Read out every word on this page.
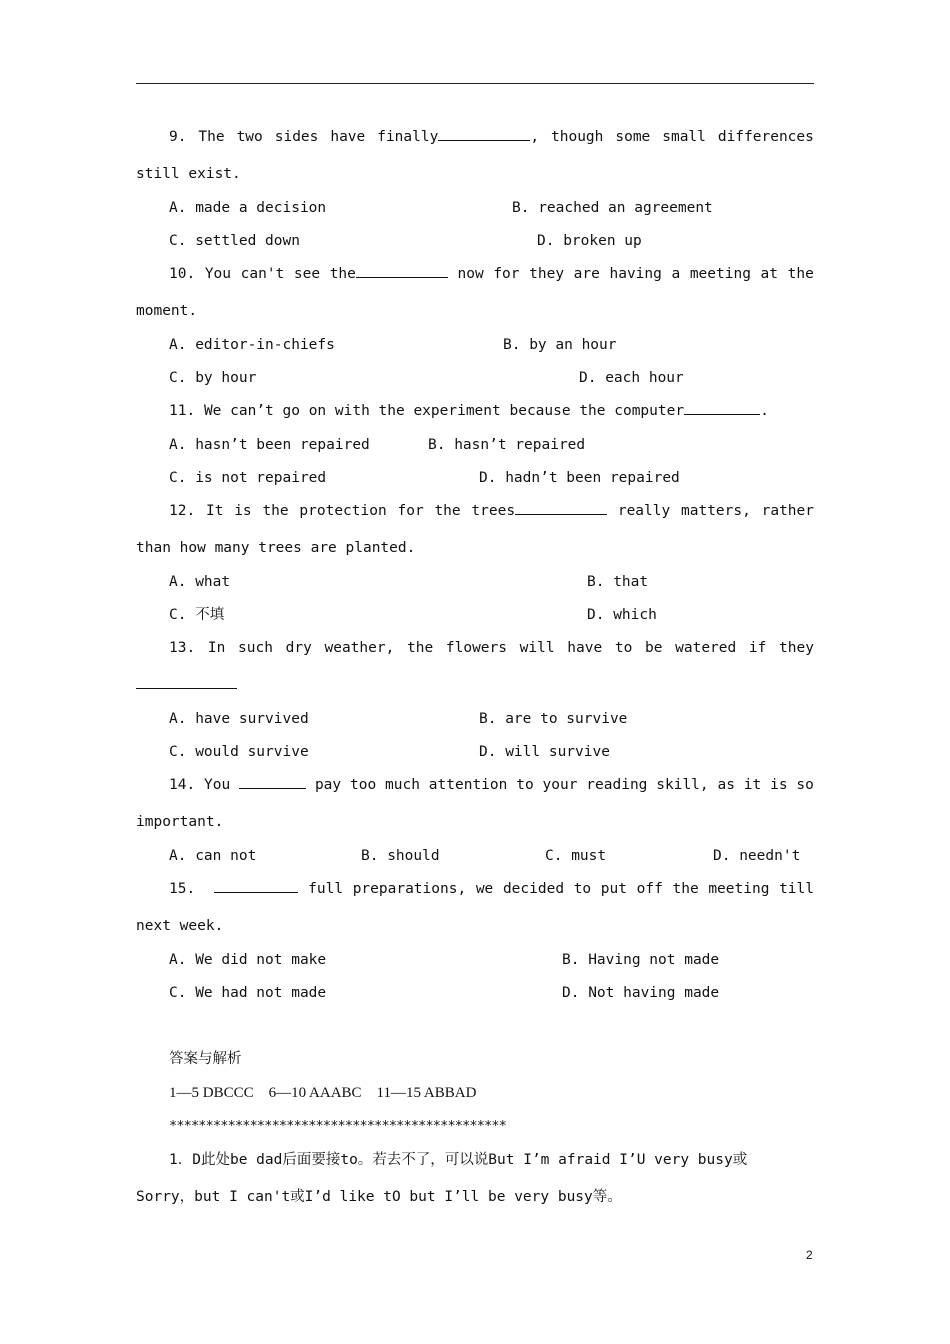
9. The two sides have finally	, though some small differences
still exist.
A. made a decision	B. reached an agreement
C. settled down	D. broken up
10. You can't see the	now for they are having a meeting at the
moment.
A. editor-in-chiefs	B. by an hour
C. by hour	D. each hour
11. We can’t go on with the experiment because the computer	.
A. hasn’t been repaired	B. hasn’t repaired
C. is not repaired	D. hadn’t been repaired
12. It is the protection for the trees	really matters, rather
than how many trees are planted.
A. what	B. that
C. 不填	D. which
13. In such dry weather, the flowers will have to be watered if they
A. have survived	B. are to survive
C. would survive	D. will survive
14. You	pay too much attention to your reading skill, as it is so
important.
A. can not	B. should	C. must	D. needn't
15.	full preparations, we decided to put off the meeting till
next week.
A. We did not make	B. Having not made
C. We had not made	D. Not having made
答案与解析
1—5 DBCCC    6—10 AAABC    11—15 ABBAD
**********************************************
1．D此处be dad后面要接to。若去不了，可以说But I’m afraid I’U very busy或
Sorry，but I can't或I’d like tO but I’ll be very busy等。
2
